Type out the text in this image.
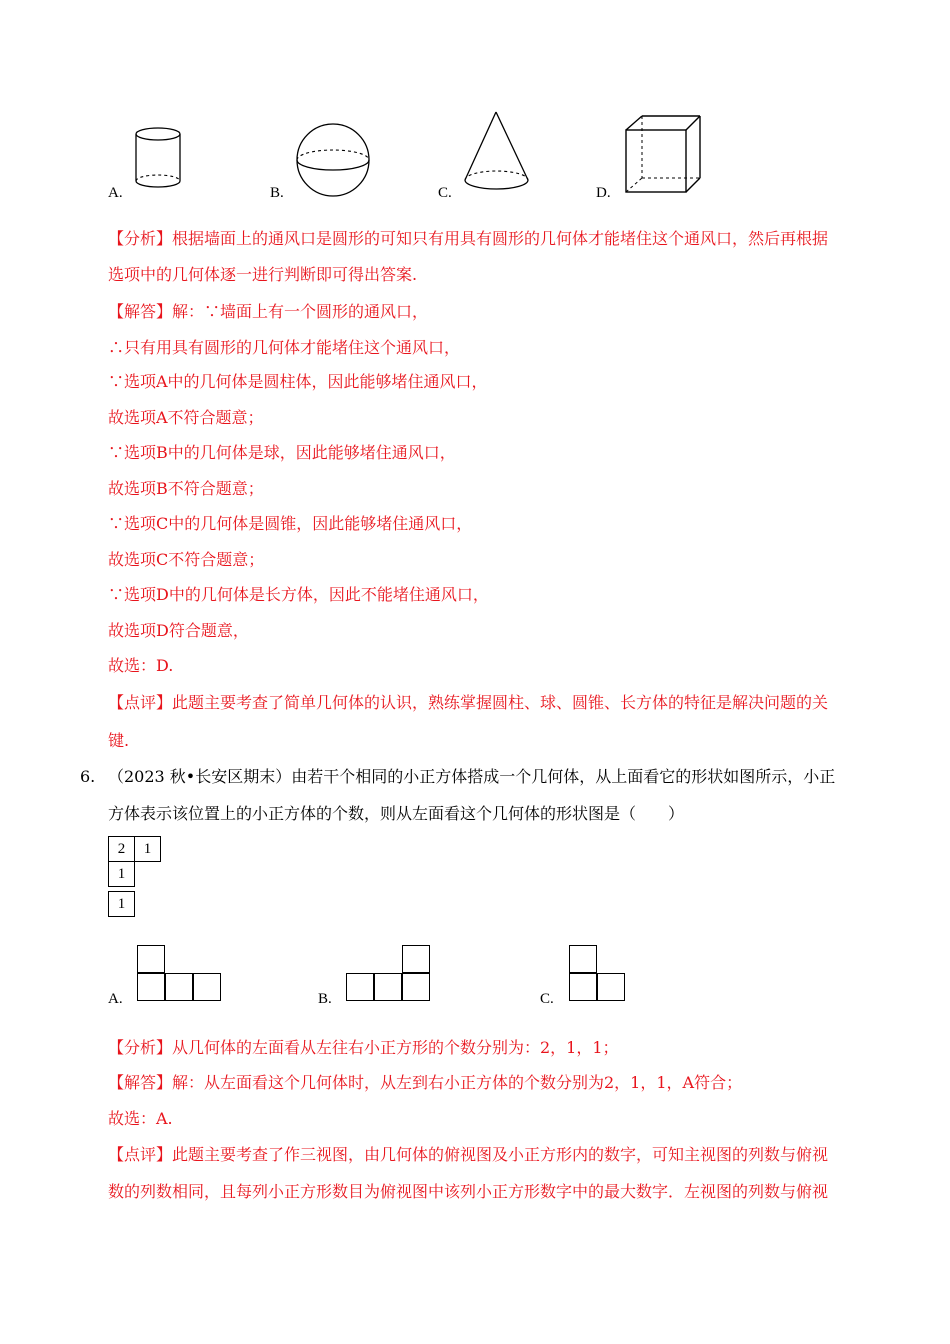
A.	B.	C.	D.
【分析】根据墙面上的通风口是圆形的可知只有用具有圆形的几何体才能堵住这个通风口，然后再根据
选项中的几何体逐一进行判断即可得出答案.
【解答】解：∵墙面上有一个圆形的通风口，
∴只有用具有圆形的几何体才能堵住这个通风口，
∵选项A中的几何体是圆柱体，因此能够堵住通风口，
故选项A不符合题意；
∵选项B中的几何体是球，因此能够堵住通风口，
故选项B不符合题意；
∵选项C中的几何体是圆锥，因此能够堵住通风口，
故选项C不符合题意；
∵选项D中的几何体是长方体，因此不能堵住通风口，
故选项D符合题意，
故选：D.
【点评】此题主要考查了简单几何体的认识，熟练掌握圆柱、球、圆锥、长方体的特征是解决问题的关
键.
6. （2023 秋•长安区期末）由若干个相同的小正方体搭成一个几何体，从上面看它的形状如图所示，小正
方体表示该位置上的小正方体的个数，则从左面看这个几何体的形状图是（　　）
2	1
1
1
A.	B.	C.
【分析】从几何体的左面看从左往右小正方形的个数分别为：2，1，1；
【解答】解：从左面看这个几何体时，从左到右小正方体的个数分别为2，1，1，A符合；
故选：A.
【点评】此题主要考查了作三视图，由几何体的俯视图及小正方形内的数字，可知主视图的列数与俯视
数的列数相同，且每列小正方形数目为俯视图中该列小正方形数字中的最大数字．左视图的列数与俯视
